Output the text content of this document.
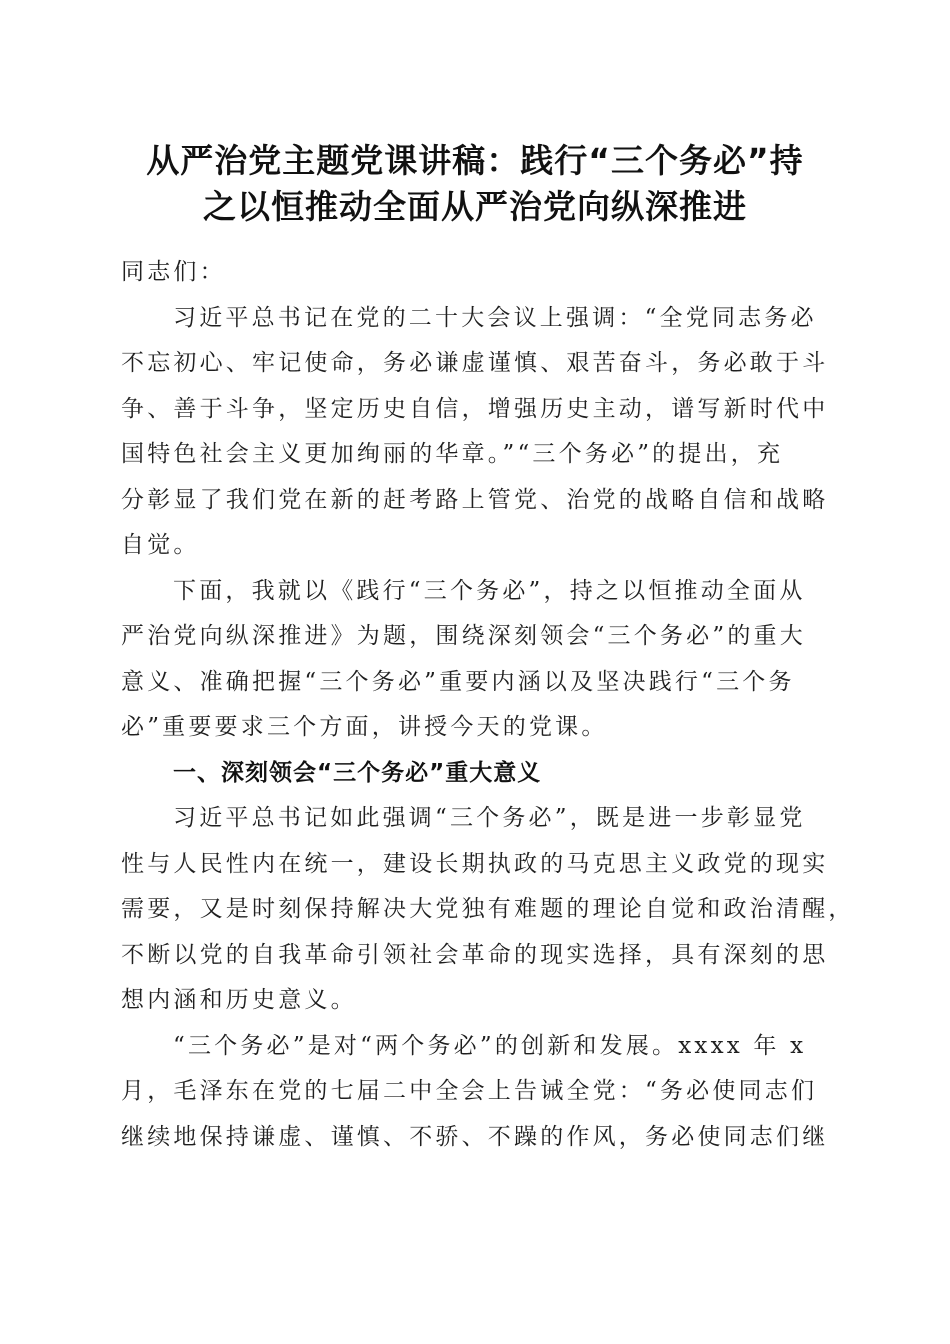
从严治党主题党课讲稿：践行“三个务必”持
之以恒推动全面从严治党向纵深推进
同志们：
习近平总书记在党的二十大会议上强调：“全党同志务必
不忘初心、牢记使命，务必谦虚谨慎、艰苦奋斗，务必敢于斗
争、善于斗争，坚定历史自信，增强历史主动，谱写新时代中
国特色社会主义更加绚丽的华章。”“三个务必”的提出，充
分彰显了我们党在新的赶考路上管党、治党的战略自信和战略
自觉。
下面，我就以《践行“三个务必”，持之以恒推动全面从
严治党向纵深推进》为题，围绕深刻领会“三个务必”的重大
意义、准确把握“三个务必”重要内涵以及坚决践行“三个务
必”重要要求三个方面，讲授今天的党课。
一、深刻领会“三个务必”重大意义
习近平总书记如此强调“三个务必”，既是进一步彰显党
性与人民性内在统一，建设长期执政的马克思主义政党的现实
需要，又是时刻保持解决大党独有难题的理论自觉和政治清醒，
不断以党的自我革命引领社会革命的现实选择，具有深刻的思
想内涵和历史意义。
“三个务必”是对“两个务必”的创新和发展。xxxx 年 x
月，毛泽东在党的七届二中全会上告诫全党：“务必使同志们
继续地保持谦虚、谨慎、不骄、不躁的作风，务必使同志们继
